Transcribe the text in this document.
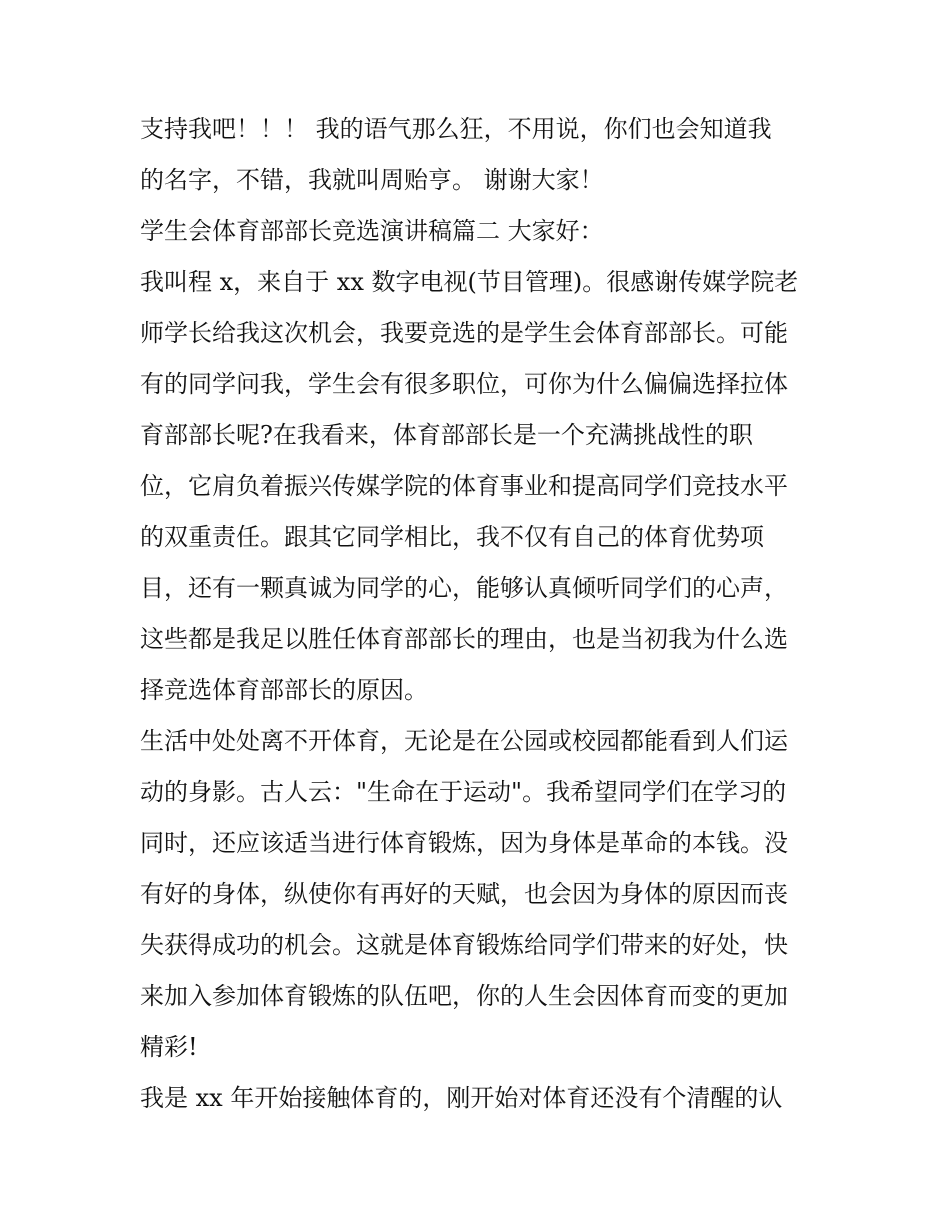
支持我吧！！！ 我的语气那么狂，不用说，你们也会知道我
的名字，不错，我就叫周贻亨。 谢谢大家！
学生会体育部部长竞选演讲稿篇二 大家好：
我叫程 x，来自于 xx 数字电视(节目管理)。很感谢传媒学院老
师学长给我这次机会，我要竞选的是学生会体育部部长。可能
有的同学问我，学生会有很多职位，可你为什么偏偏选择拉体
育部部长呢?在我看来，体育部部长是一个充满挑战性的职
位，它肩负着振兴传媒学院的体育事业和提高同学们竞技水平
的双重责任。跟其它同学相比，我不仅有自己的体育优势项
目，还有一颗真诚为同学的心，能够认真倾听同学们的心声，
这些都是我足以胜任体育部部长的理由，也是当初我为什么选
择竞选体育部部长的原因。
生活中处处离不开体育，无论是在公园或校园都能看到人们运
动的身影。古人云："生命在于运动"。我希望同学们在学习的
同时，还应该适当进行体育锻炼，因为身体是革命的本钱。没
有好的身体，纵使你有再好的天赋，也会因为身体的原因而丧
失获得成功的机会。这就是体育锻炼给同学们带来的好处，快
来加入参加体育锻炼的队伍吧，你的人生会因体育而变的更加
精彩!
我是 xx 年开始接触体育的，刚开始对体育还没有个清醒的认
